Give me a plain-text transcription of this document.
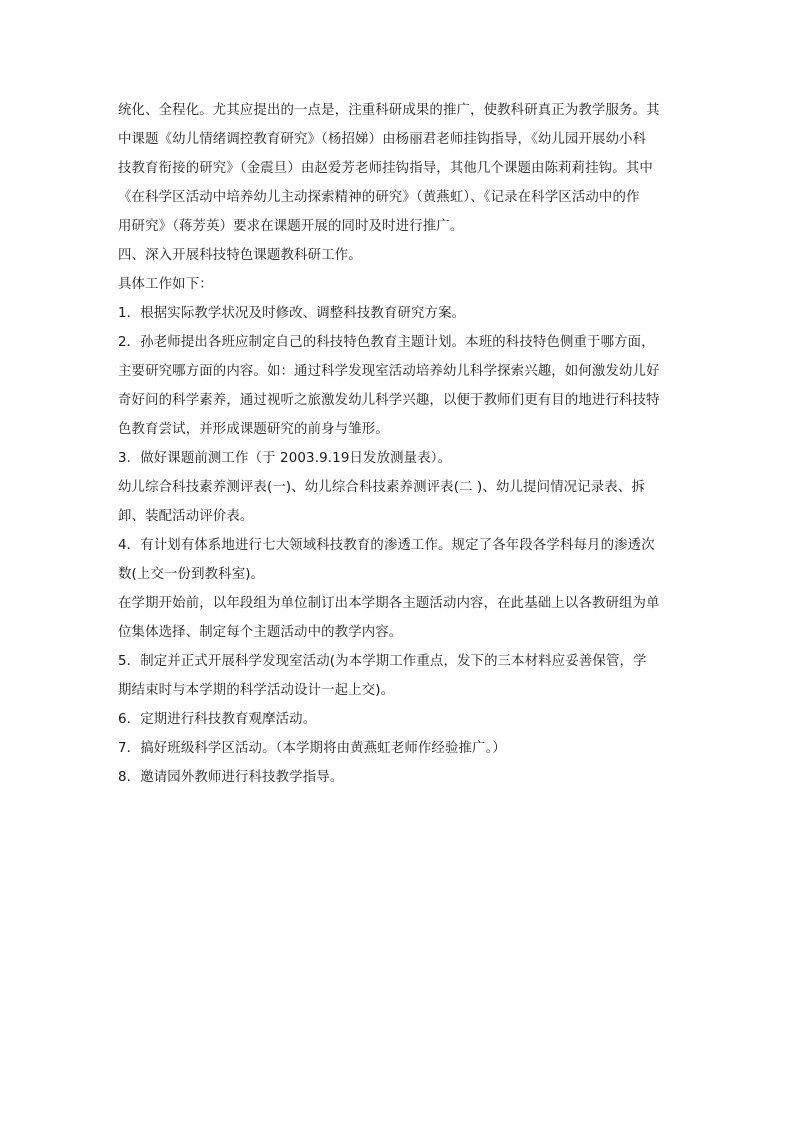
统化、全程化。尤其应提出的一点是，注重科研成果的推广，使教科研真正为教学服务。其
中课题《幼儿情绪调控教育研究》（杨招娣）由杨丽君老师挂钩指导，《幼儿园开展幼小科
技教育衔接的研究》（金震旦）由赵爱芳老师挂钩指导，其他几个课题由陈莉莉挂钩。其中
《在科学区活动中培养幼儿主动探索精神的研究》（黄燕虹）、《记录在科学区活动中的作
用研究》（蒋芳英）要求在课题开展的同时及时进行推广。
四、深入开展科技特色课题教科研工作。
具体工作如下：
1．根据实际教学状况及时修改、调整科技教育研究方案。
2．孙老师提出各班应制定自己的科技特色教育主题计划。本班的科技特色侧重于哪方面，
主要研究哪方面的内容。如：通过科学发现室活动培养幼儿科学探索兴趣，如何激发幼儿好
奇好问的科学素养，通过视听之旅激发幼儿科学兴趣，以便于教师们更有目的地进行科技特
色教育尝试，并形成课题研究的前身与雏形。
3．做好课题前测工作（于 2003.9.19日发放测量表）。
幼儿综合科技素养测评表(一)、幼儿综合科技素养测评表(二 )、幼儿提问情况记录表、拆
卸、装配活动评价表。
4．有计划有体系地进行七大领域科技教育的渗透工作。规定了各年段各学科每月的渗透次
数(上交一份到教科室)。
在学期开始前，以年段组为单位制订出本学期各主题活动内容，在此基础上以各教研组为单
位集体选择、制定每个主题活动中的教学内容。
5．制定并正式开展科学发现室活动(为本学期工作重点，发下的三本材料应妥善保管，学
期结束时与本学期的科学活动设计一起上交)。
6．定期进行科技教育观摩活动。
7．搞好班级科学区活动。（本学期将由黄燕虹老师作经验推广。）
8．邀请园外教师进行科技教学指导。
